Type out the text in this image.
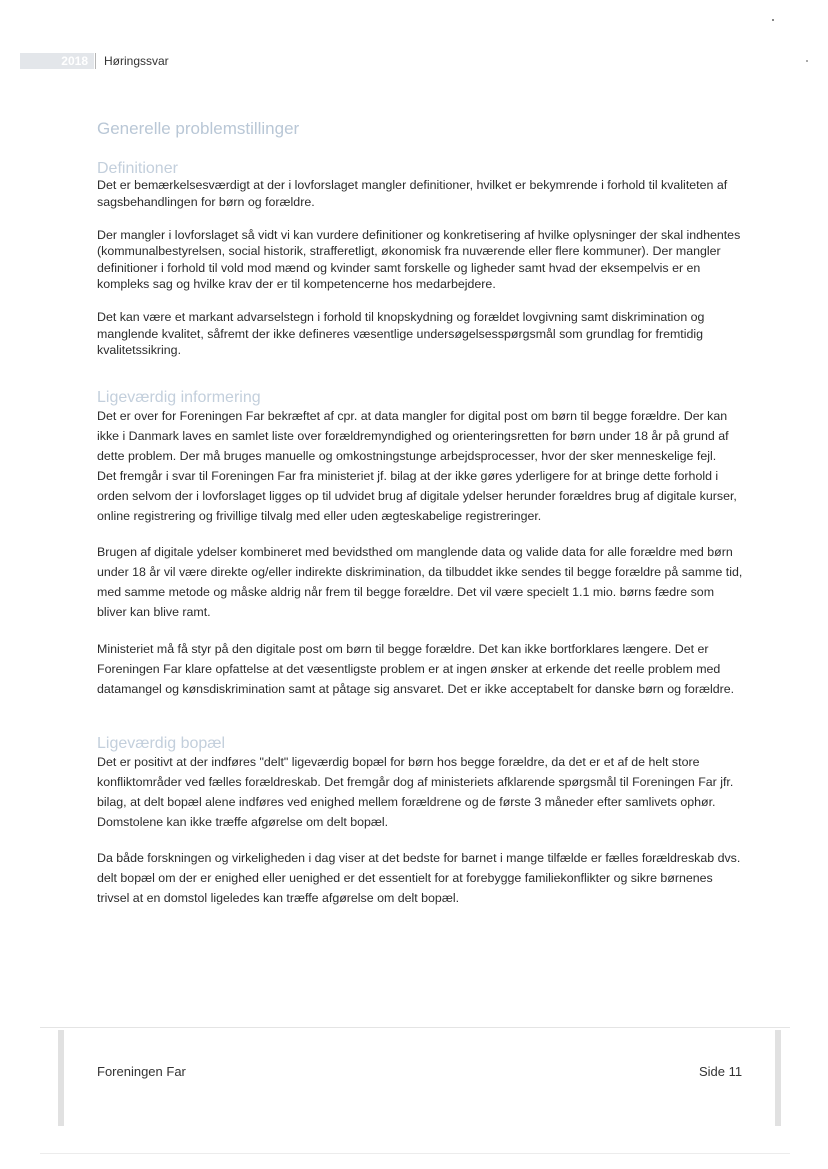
2018	Høringssvar
Generelle problemstillinger
Definitioner

Det er bemærkelsesværdigt at der i lovforslaget mangler definitioner, hvilket er bekymrende i forhold til kvaliteten af sagsbehandlingen for børn og forældre.

Der mangler i lovforslaget så vidt vi kan vurdere definitioner og konkretisering af hvilke oplysninger der skal indhentes (kommunalbestyrelsen, social historik, strafferetligt, økonomisk fra nuværende eller flere kommuner). Der mangler definitioner i forhold til vold mod mænd og kvinder samt forskelle og ligheder samt hvad der eksempelvis er en kompleks sag og hvilke krav der er til kompetencerne hos medarbejdere.

Det kan være et markant advarselstegn i forhold til knopskydning og forældet lovgivning samt diskrimination og manglende kvalitet, såfremt der ikke defineres væsentlige undersøgelsesspørgsmål som grundlag for fremtidig kvalitetssikring.

Ligeværdig informering

Det er over for Foreningen Far bekræftet af cpr. at data mangler for digital post om børn til begge forældre. Der kan ikke i Danmark laves en samlet liste over forældremyndighed og orienteringsretten for børn under 18 år på grund af dette problem. Der må bruges manuelle og omkostningstunge arbejdsprocesser, hvor der sker menneskelige fejl.

Det fremgår i svar til Foreningen Far fra ministeriet jf. bilag at der ikke gøres yderligere for at bringe dette forhold i orden selvom der i lovforslaget ligges op til udvidet brug af digitale ydelser herunder forældres brug af digitale kurser, online registrering og frivillige tilvalg med eller uden ægteskabelige registreringer.

Brugen af digitale ydelser kombineret med bevidsthed om manglende data og valide data for alle forældre med børn under 18 år vil være direkte og/eller indirekte diskrimination, da tilbuddet ikke sendes til begge forældre på samme tid, med samme metode og måske aldrig når frem til begge forældre. Det vil være specielt 1.1 mio. børns fædre som bliver kan blive ramt.

Ministeriet må få styr på den digitale post om børn til begge forældre. Det kan ikke bortforklares længere. Det er Foreningen Far klare opfattelse at det væsentligste problem er at ingen ønsker at erkende det reelle problem med datamangel og kønsdiskrimination samt at påtage sig ansvaret. Det er ikke acceptabelt for danske børn og forældre.

Ligeværdig bopæl

Det er positivt at der indføres "delt" ligeværdig bopæl for børn hos begge forældre, da det er et af de helt store konfliktområder ved fælles forældreskab. Det fremgår dog af ministeriets afklarende spørgsmål til Foreningen Far jfr. bilag, at delt bopæl alene indføres ved enighed mellem forældrene og de første 3 måneder efter samlivets ophør. Domstolene kan ikke træffe afgørelse om delt bopæl.

Da både forskningen og virkeligheden i dag viser at det bedste for barnet i mange tilfælde er fælles forældreskab dvs. delt bopæl om der er enighed eller uenighed er det essentielt for at forebygge familiekonflikter og sikre børnenes trivsel at en domstol ligeledes kan træffe afgørelse om delt bopæl.

Foreningen Far	Side 11
